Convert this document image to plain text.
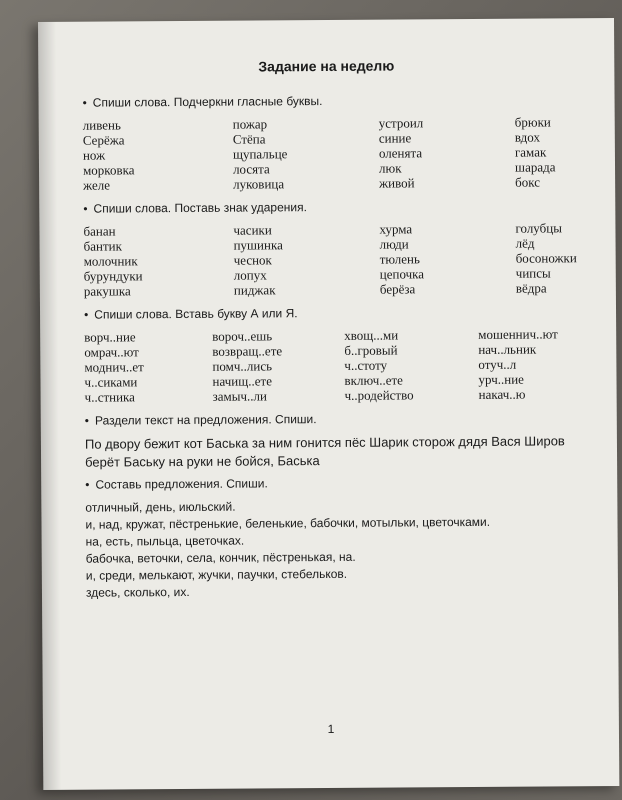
Задание на неделю
• Спиши слова. Подчеркни гласные буквы.
ливень	пожар	устроил	брюки
Серёжа	Стёпа	синие	вдох
нож	щупальце	оленята	гамак
морковка	лосята	люк	шарада
желе	луковица	живой	бокс
• Спиши слова. Поставь знак ударения.
банан	часики	хурма	голубцы
бантик	пушинка	люди	лёд
молочник	чеснок	тюлень	босоножки
бурундуки	лопух	цепочка	чипсы
ракушка	пиджак	берёза	вёдра
• Спиши слова. Вставь букву А или Я.
ворч..ние	вороч..ешь	хвощ...ми	мошеннич..ют
омрач..ют	возвращ..ете	б..гровый	нач..льник
моднич..ет	помч..лись	ч..стоту	отуч..л
ч..сиками	начищ..ете	включ..ете	урч..ние
ч..стника	замыч..ли	ч..родейство	накач..ю
• Раздели текст на предложения. Спиши.
По двору бежит кот Баська за ним гонится пёс Шарик сторож дядя Вася Широв
берёт Баську на руки не бойся, Баська
• Составь предложения. Спиши.
отличный, день, июльский.
и, над, кружат, пёстренькие, беленькие, бабочки, мотыльки, цветочками.
на, есть, пыльца, цветочках.
бабочка, веточки, села, кончик, пёстренькая, на.
и, среди, мелькают, жучки, паучки, стебельков.
здесь, сколько, их.
1
